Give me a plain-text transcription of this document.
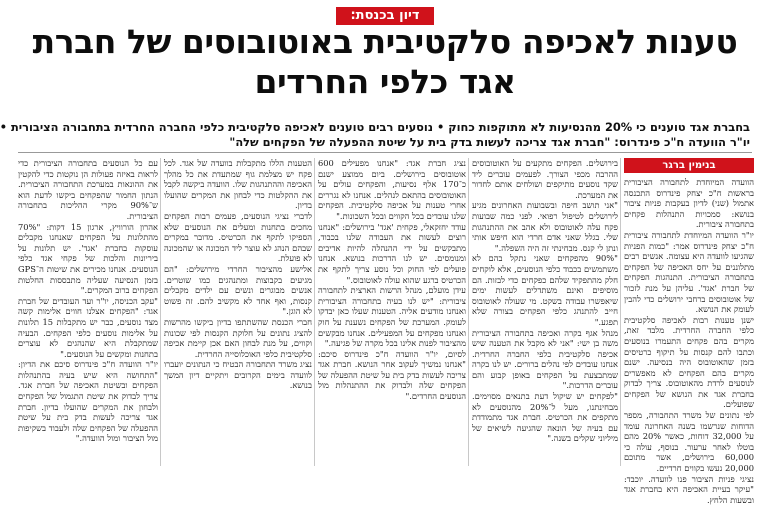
דיון בכנסת:
טענות לאכיפה סלקטיבית באוטובוסים של חברת
אגד כלפי החרדים
בחברת אגד טוענים כי 20% מהנסיעות לא מתוקפות כחוק • נוסעים רבים טוענים לאכיפה סלקטיבית כלפי החברה החרדית בתחבורה הציבורית •
יו"ר הוועדה ח"כ פינדרוס: "חברת אגד צריכה לעשות בדק בית על שיטת ההפעלה של הפקחים שלה"
בנימין ברגר

הוועדה המיוחדת לתחבורה הציבורית בראשות ח"כ יצחק פינדרוס התכנסה אתמול (שני) לדיון בעקבות פניות ציבור בנושא: סמכויות התנהלות פקחים בתחבורה ציבורית.

יו"ר הוועדה המיוחדת לתחבורה ציבורית ח"כ יצחק פינדרוס אמר: "כמות הפניות שהגיעו לוועדה היא עצומה. אנשים רבים מתלוננים על יחס האכיפה של הפקחים בתחבורה הציבורית. התנהגות הפקחים של חברת 'אגד'. עליהן על מנת לזכור של אוטובוסים ברחבי ירושלים כדי להבין לעומק את הנושא.

ישנן טענות רבות לאכיפה סלקטיבית כלפי החברה החרדית. מלבד זאת, מקרים בהם פקחים התעמרו בנוסעים וכתבו להם קנסות על תיקוף כרטיסים בזמן שהאוטובוס היה בנסיעה. ישנם מקרים בהם הפקחים לא מאפשרים לנוסעים לרדת מהאוטובוס. צריך לבדוק בחברת אגד את הנושא של הפקחים שפועלים.

לפי נתונים של משרד התחבורה, מספר הדוחות שנרשמו בשנה האחרונה עומד על 32,000 דוחות, כאשר 20% מהם בוטלו לאחר ערעור. בנוסף, עולה כי 60,000 בירושלים, אשר מתוכם 20,000 נעשו בקווים חרדיים.

נציגי פניות הציבור פנו לוועדה. יוכבד: "עיקר בעיית האכיפה היא בחברת אגד ובשעות הלחץ.

בירושלים. הפקחים מתקעים על האוטובוסים ההרבה מכפי הצורך. לפעמים עוברים ליד שקד נוסעים מתיקפים ושולחים אותם לחדור את המערכת.

"אני תושב חיפה ובשבועות האחרונים מגיע לירושלים לטיפול רפואי. לפני כמה שבועות פקח עלה לאוטובוס ולא אהב את ההתנהגות שלי. בגלל שאני אדם חרדי הוא חיפש אותי ונתן לי קנס. מבחינתי זה היה השפלה."

"90% מהפקחים שאני נתקל בהם לא משתמשים בכבוד כלפי הנוסעים, אלא לוקחים חלק מהתפקיד שלהם כפקחים כדי לבזות. הם מוסיפים ואינם משתדלים לעשות ימים שיאפשרו עבודה בשקט. מי שעולה לאוטובוס חייב להתנהג כלפי הפקחים בצורה שלא תפגע."

מנהל אגף בקרה ואכיפה בתחבורה הציבורית משה בן ישי: "אני לא מקבל את הטענה שיש אכיפה סלקטיבית כלפי החברה החרדית. אנחנו עובדים לפי נהלים ברורים. יש לנו בקרה שמתבצעת על הפקחים באופן קבוע והם עוברים הדרכות."

"לפקחים יש שיקול דעת בתנאים מסוימים. מבחינתנו, מעל ל־20% מהנוסעים לא מתקפים את הכרטיס. חברת אגד מתמודדת עם בעיה של הונאה שהגיעה לשיאים של מיליוני שקלים בשנה."

נציג חברת אגד: "אנחנו מפעילים 600 אוטובוסים בירושלים. ביום ממוצע ישנם כ־170 אלף נסיעות, והפקחים עולים על האוטובוסים בהתאם לנהלים. אנחנו לא נגררים אחרי טענות על אכיפה סלקטיבית. הפקחים שלנו עובדים בכל הקווים ובכל השכונות."

עודד יחזקאלי, פקחית 'אגד' בירושלים: "אנחנו רוצים לעשות את העבודה שלנו בכבוד, מתבקשים על ידי ההנהלה להיות אדיבים ומנומסים. יש לנו הדרכות בנושא. אנחנו פועלים לפי החוק וכל נוסע צריך לתקף את הכרטיס ברגע שהוא עולה לאוטובוס."

עידן מועלם, מנהל הרשות הארצית לתחבורה ציבורית: "יש לנו בעיה בתחבורה הציבורית ואנחנו מודעים אליה. הטענות שעלו כאן יבדקו לעומק. המערכת של הפקחים נשענת על חוק ואנחנו מפקחים על המפעילים. אנחנו מבקשים מהציבור לפנות אלינו בכל מקרה של פגיעה."

לסיום, יו"ר הוועדה ח"כ פינדרוס סיכם: "אנחנו נמשיך לעקוב אחר הנושא. חברת אגד צריכה לעשות בדק בית על שיטת ההפעלה של הפקחים שלה ולבדוק את ההתנהלות מול הנוסעים החרדים."

הטענות הללו מתקבלות בוועדה של אגד. לכל פקח יש מצלמת גוף שמתעדת את כל מהלך האכיפה וההתנהגות שלו. הוועדה ביקשה לקבל את ההקלטות כדי לבחון את המקרים שהועלו בדיון.

לדברי נציגי הנוסעים, פעמים רבות הפקחים מחכים בתחנות ומעלים את הנוסעים שלא הספיקו לתקף את הכרטיס. מדובר במקרים שבהם הנהג לא עוצר ליד המכונה או שהמכונה לא פועלת.

אלישע מהציבור החרדי מירושלים: "הם מגיעים בקבוצות ומתנהגים כמו שוטרים. אנשים מבוגרים ונשים עם ילדים מקבלים קנסות, ואף אחד לא מקשיב להם. זה פשוט לא הוגן."

חברי הכנסת שהשתתפו בדיון ביקשו מהרשות להציג נתונים על חלוקת הקנסות לפי שכונות וקווים, על מנת לבחון האם אכן קיימת אכיפה סלקטיבית כלפי האוכלוסייה החרדית.

נציג משרד התחבורה הבטיח כי הנתונים יועברו לוועדה בימים הקרובים ויתקיים דיון המשך בנושא.

עם כל הנוסעים בתחבורה הציבורית כדי לראות באיזה פעולות הן נוקטות כדי להקטין את ההונאות במערכת התחבורה הציבורית. הנתון החמור שהפקחים ביקשו לדעת הוא ש־90% מקרי ההליכות בתחבורה הציבורית.

אהרון הורוויץ, ארגון 15 דקות: "70% מהתלונות על הפקחים שאנחנו מקבלים עוסקות בחברת 'אגד'. יש תלונות על ביריונות והלכות של פקחי אגד כלפי הנוסעים. אנחנו מכירים את שיטות ה־GPS בזמן הנסיעה שעליה מתבססות החלטות הפקחים ברוב המקרים."

"עקב הכניסה, יו"ר ועד העובדים של חברת אגד: "הפקחים אצלנו חווים אלימות קשה מצד נוסעים, כבר יש מתקבלות 15 תלונות על אלימות נוסעים כלפי הפקחים. הבעיה שמתקבלת היא שהנהגים לא עוצרים בתחנות ומקשים על הנוסעים."

יו"ר הוועדה ח"כ פינדרוס סיכם את הדיון: "התחושה היא שיש בעיה בהתנהלות הפקחים ובשיטת האכיפה של חברת אגד. צריך לבדוק את שיטת התגמול של הפקחים ולבחון את המקרים שהועלו בדיון. חברת אגד צריכה לעשות בדק בית על שיטת ההפעלה של הפקחים שלה ולעבוד בשקיפות מול הציבור ומול הוועדה."
